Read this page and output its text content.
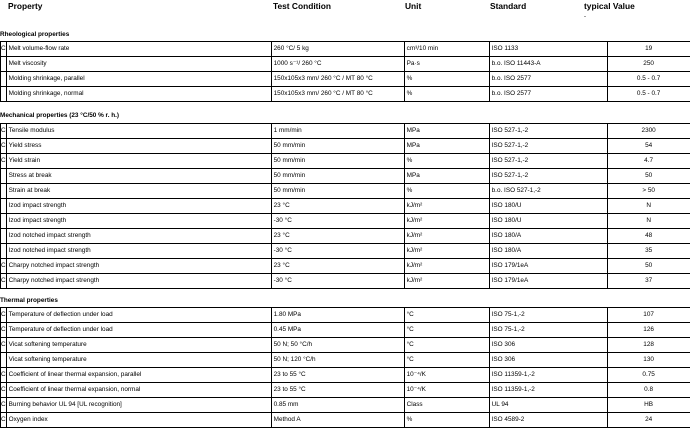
Property	Test Condition	Unit	Standard	typical Value
-
Rheological properties
C	Melt volume-flow rate	260 °C/ 5 kg	cm³/10 min	ISO 1133	19
	Melt viscosity	1000 s⁻¹/ 260 °C	Pa·s	b.o. ISO 11443-A	250
	Molding shrinkage, parallel	150x105x3 mm/ 260 °C / MT 80 °C	%	b.o. ISO 2577	0.5 - 0.7
	Molding shrinkage, normal	150x105x3 mm/ 260 °C / MT 80 °C	%	b.o. ISO 2577	0.5 - 0.7
Mechanical properties (23 °C/50 % r. h.)
C	Tensile modulus	1 mm/min	MPa	ISO 527-1,-2	2300
C	Yield stress	50 mm/min	MPa	ISO 527-1,-2	54
C	Yield strain	50 mm/min	%	ISO 527-1,-2	4.7
	Stress at break	50 mm/min	MPa	ISO 527-1,-2	50
	Strain at break	50 mm/min	%	b.o. ISO 527-1,-2	> 50
	Izod impact strength	23 °C	kJ/m²	ISO 180/U	N
	Izod impact strength	-30 °C	kJ/m²	ISO 180/U	N
	Izod notched impact strength	23 °C	kJ/m²	ISO 180/A	48
	Izod notched impact strength	-30 °C	kJ/m²	ISO 180/A	35
C	Charpy notched impact strength	23 °C	kJ/m²	ISO 179/1eA	50
C	Charpy notched impact strength	-30 °C	kJ/m²	ISO 179/1eA	37
Thermal properties
C	Temperature of deflection under load	1.80 MPa	°C	ISO 75-1,-2	107
C	Temperature of deflection under load	0.45 MPa	°C	ISO 75-1,-2	126
C	Vicat softening temperature	50 N; 50 °C/h	°C	ISO 306	128
	Vicat softening temperature	50 N; 120 °C/h	°C	ISO 306	130
C	Coefficient of linear thermal expansion, parallel	23 to 55 °C	10⁻⁴/K	ISO 11359-1,-2	0.75
C	Coefficient of linear thermal expansion, normal	23 to 55 °C	10⁻⁴/K	ISO 11359-1,-2	0.8
C	Burning behavior UL 94 [UL recognition]	0.85 mm	Class	UL 94	HB
C	Oxygen index	Method A	%	ISO 4589-2	24
